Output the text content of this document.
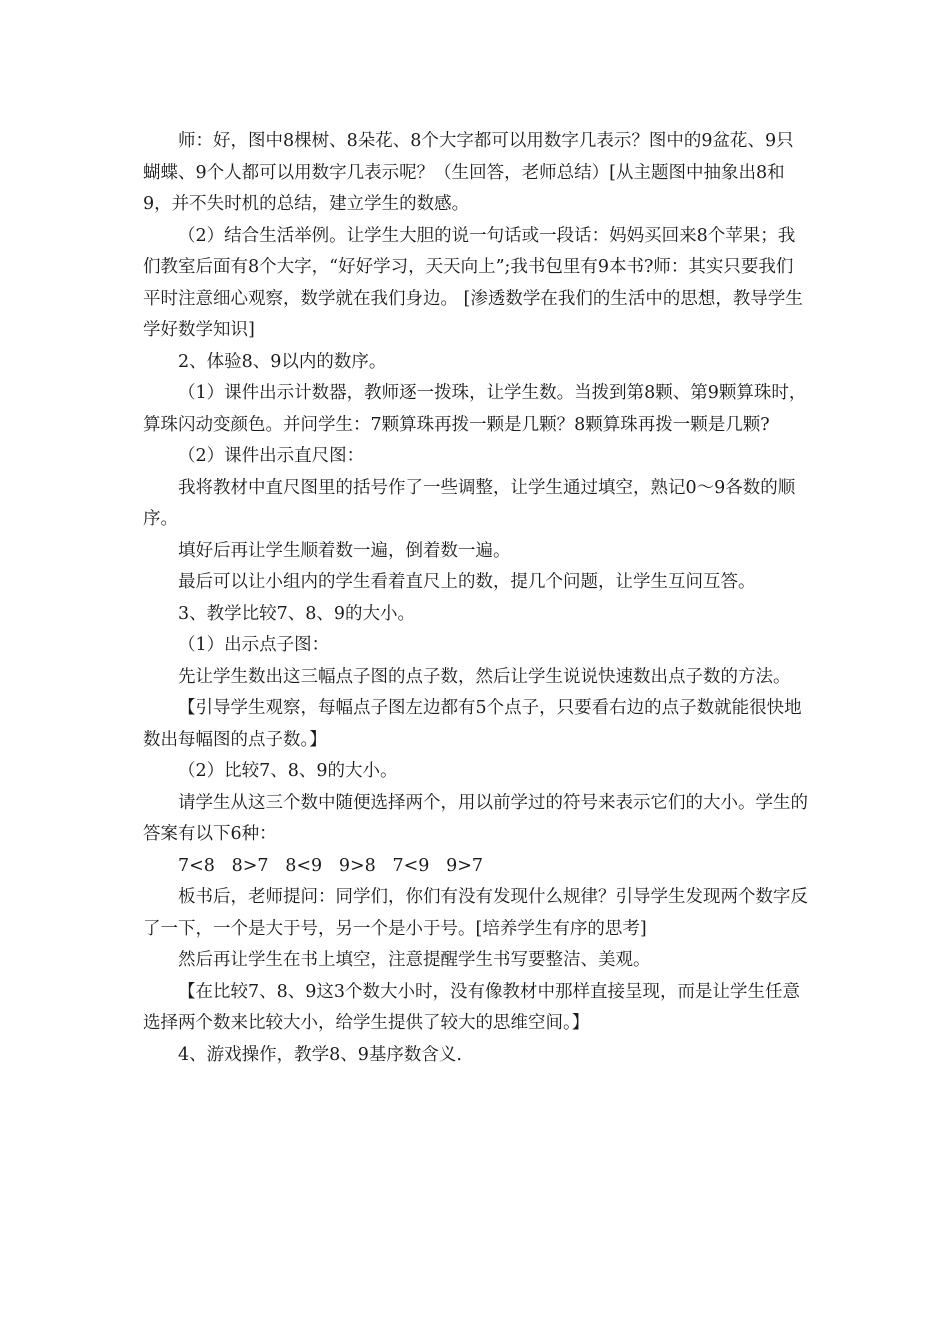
师：好，图中8棵树、8朵花、8个大字都可以用数字几表示？图中的9盆花、9只蝴蝶、9个人都可以用数字几表示呢？（生回答，老师总结）[从主题图中抽象出8和9，并不失时机的总结，建立学生的数感。

（2）结合生活举例。让学生大胆的说一句话或一段话：妈妈买回来8个苹果；我们教室后面有8个大字，“好好学习，天天向上”;我书包里有9本书?师：其实只要我们平时注意细心观察，数学就在我们身边。 [渗透数学在我们的生活中的思想，教导学生学好数学知识]

2、体验8、9以内的数序。

（1）课件出示计数器，教师逐一拨珠，让学生数。当拨到第8颗、第9颗算珠时，算珠闪动变颜色。并问学生：7颗算珠再拨一颗是几颗？8颗算珠再拨一颗是几颗?

（2）课件出示直尺图：

我将教材中直尺图里的括号作了一些调整，让学生通过填空，熟记0～9各数的顺序。

填好后再让学生顺着数一遍，倒着数一遍。

最后可以让小组内的学生看着直尺上的数，提几个问题，让学生互问互答。

3、教学比较7、8、9的大小。

（1）出示点子图：

先让学生数出这三幅点子图的点子数，然后让学生说说快速数出点子数的方法。

【引导学生观察，每幅点子图左边都有5个点子，只要看右边的点子数就能很快地数出每幅图的点子数。】

（2）比较7、8、9的大小。

请学生从这三个数中随便选择两个，用以前学过的符号来表示它们的大小。学生的答案有以下6种：

7<8   8>7   8<9   9>8   7<9   9>7

板书后，老师提问：同学们，你们有没有发现什么规律？引导学生发现两个数字反了一下，一个是大于号，另一个是小于号。[培养学生有序的思考]

然后再让学生在书上填空，注意提醒学生书写要整洁、美观。

【在比较7、8、9这3个数大小时，没有像教材中那样直接呈现，而是让学生任意选择两个数来比较大小，给学生提供了较大的思维空间。】

4、游戏操作，教学8、9基序数含义.
